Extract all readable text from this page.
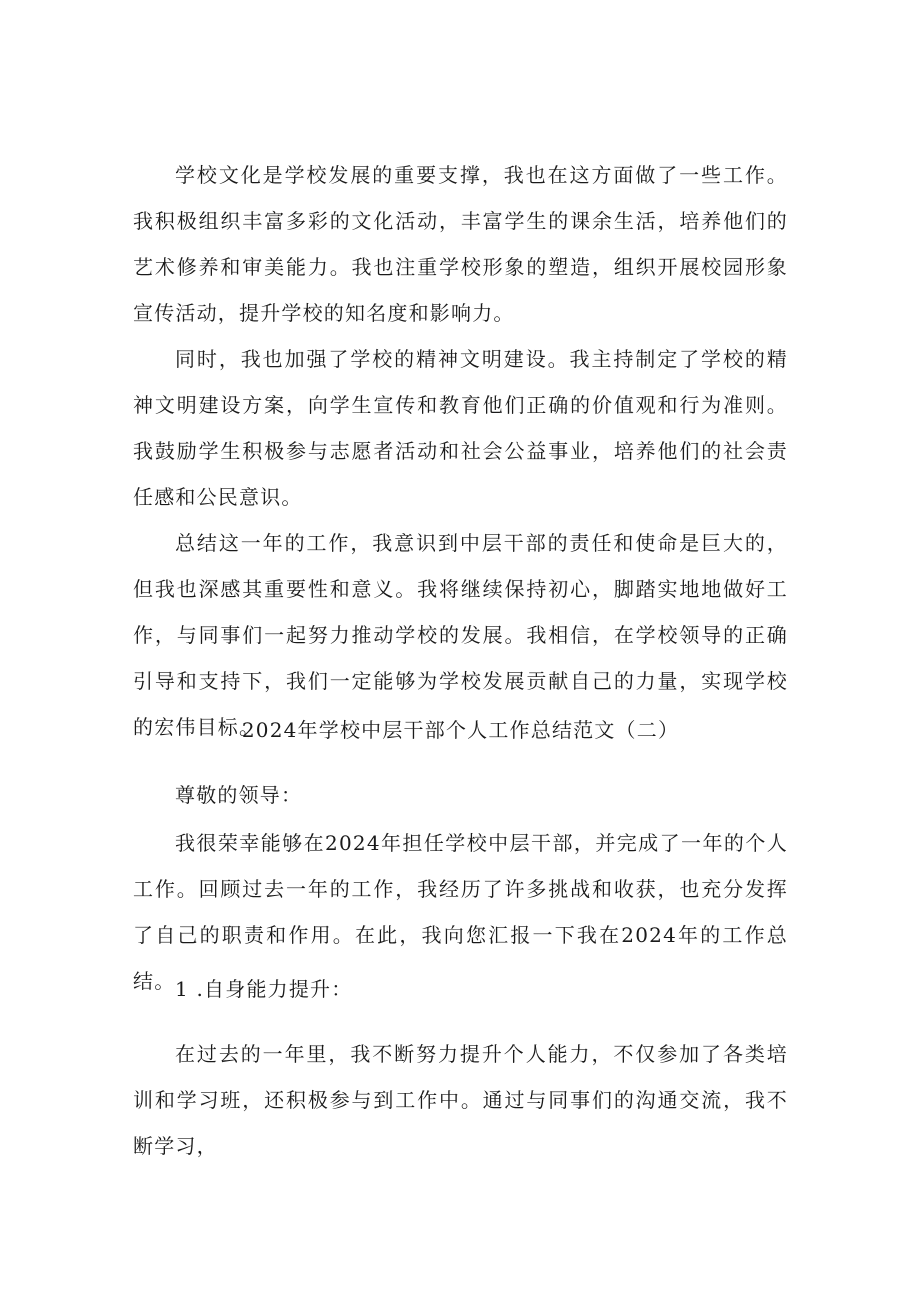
学校文化是学校发展的重要支撑，我也在这方面做了一些工作。我积极组织丰富多彩的文化活动，丰富学生的课余生活，培养他们的艺术修养和审美能力。我也注重学校形象的塑造，组织开展校园形象宣传活动，提升学校的知名度和影响力。

同时，我也加强了学校的精神文明建设。我主持制定了学校的精神文明建设方案，向学生宣传和教育他们正确的价值观和行为准则。我鼓励学生积极参与志愿者活动和社会公益事业，培养他们的社会责任感和公民意识。

总结这一年的工作，我意识到中层干部的责任和使命是巨大的，但我也深感其重要性和意义。我将继续保持初心，脚踏实地地做好工作，与同事们一起努力推动学校的发展。我相信，在学校领导的正确引导和支持下，我们一定能够为学校发展贡献自己的力量，实现学校的宏伟目标。

2024年学校中层干部个人工作总结范文（二）

尊敬的领导：

我很荣幸能够在2024年担任学校中层干部，并完成了一年的个人工作。回顾过去一年的工作，我经历了许多挑战和收获，也充分发挥了自己的职责和作用。在此，我向您汇报一下我在2024年的工作总结。 1 .自身能力提升：

在过去的一年里，我不断努力提升个人能力，不仅参加了各类培训和学习班，还积极参与到工作中。通过与同事们的沟通交流，我不断学习，
